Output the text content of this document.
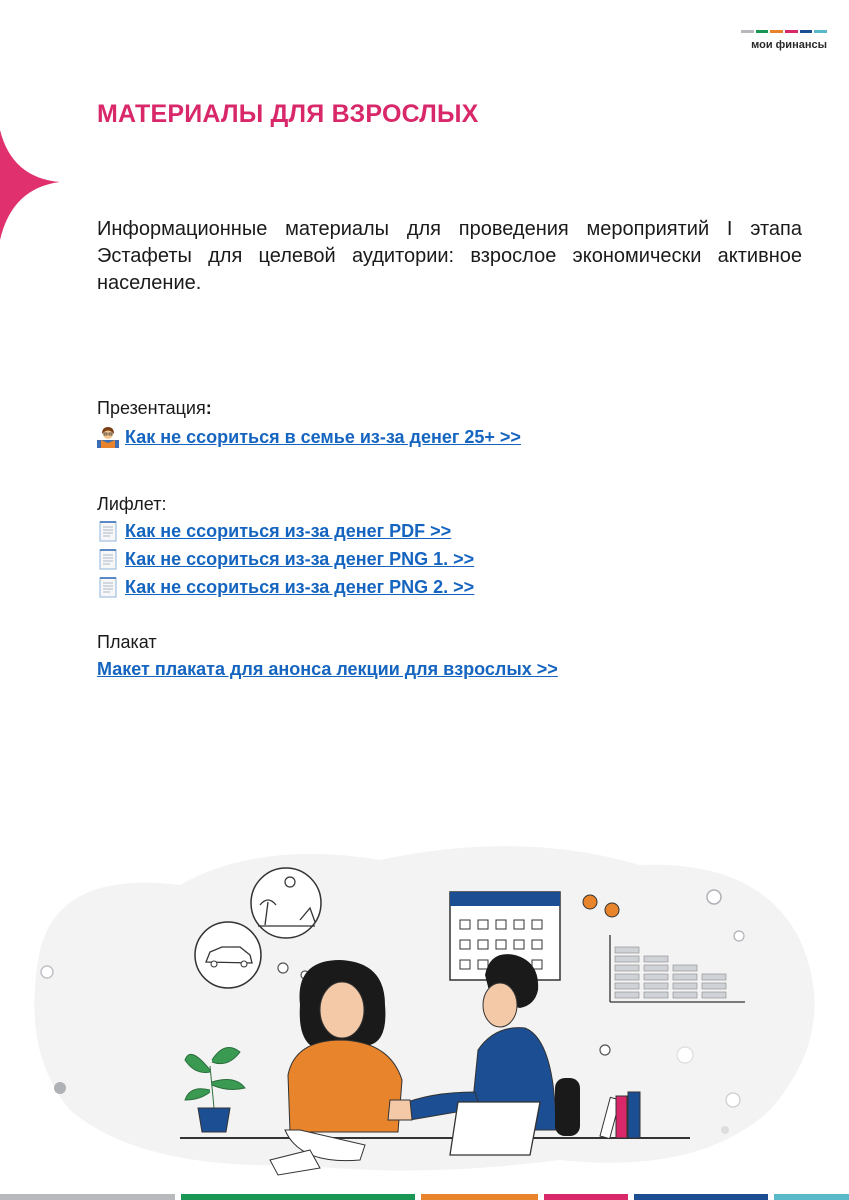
мои финансы
МАТЕРИАЛЫ ДЛЯ ВЗРОСЛЫХ

Информационные материалы для проведения мероприятий I этапа Эстафеты для целевой аудитории: взрослое экономически активное население.

Презентация:

Как не ссориться в семье из-за денег 25+ >>

Лифлет:

Как не ссориться из-за денег PDF >>
Как не ссориться из-за денег PNG 1. >>
Как не ссориться из-за денег PNG 2. >>

Плакат

Макет плаката для анонса лекции для взрослых >>
